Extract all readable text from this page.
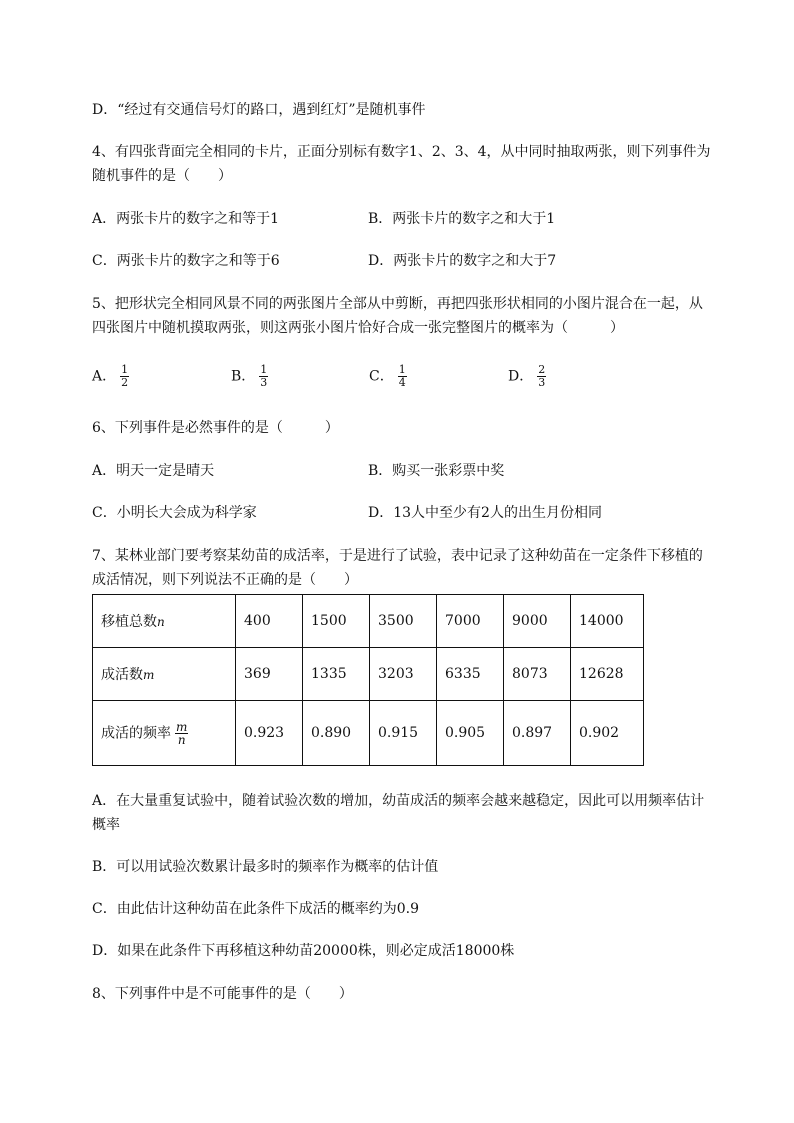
D．“经过有交通信号灯的路口，遇到红灯”是随机事件
4、有四张背面完全相同的卡片，正面分别标有数字1、2、3、4，从中同时抽取两张，则下列事件为
随机事件的是（　　）
A．两张卡片的数字之和等于1	B．两张卡片的数字之和大于1
C．两张卡片的数字之和等于6	D．两张卡片的数字之和大于7
5、把形状完全相同风景不同的两张图片全部从中剪断，再把四张形状相同的小图片混合在一起，从
四张图片中随机摸取两张，则这两张小图片恰好合成一张完整图片的概率为（　　　）
A． $\frac{1}{2}$	B． $\frac{1}{3}$	C． $\frac{1}{4}$	D． $\frac{2}{3}$
6、下列事件是必然事件的是（　　　）
A．明天一定是晴天	B．购买一张彩票中奖
C．小明长大会成为科学家	D．13人中至少有2人的出生月份相同
7、某林业部门要考察某幼苗的成活率，于是进行了试验，表中记录了这种幼苗在一定条件下移植的
成活情况，则下列说法不正确的是（　　）
移植总数n	400	1500	3500	7000	9000	14000
成活数m	369	1335	3203	6335	8073	12628
成活的频率 $\frac{m}{n}$	0.923	0.890	0.915	0.905	0.897	0.902
A．在大量重复试验中，随着试验次数的增加，幼苗成活的频率会越来越稳定，因此可以用频率估计
概率
B．可以用试验次数累计最多时的频率作为概率的估计值
C．由此估计这种幼苗在此条件下成活的概率约为0.9
D．如果在此条件下再移植这种幼苗20000株，则必定成活18000株
8、下列事件中是不可能事件的是（　　）
